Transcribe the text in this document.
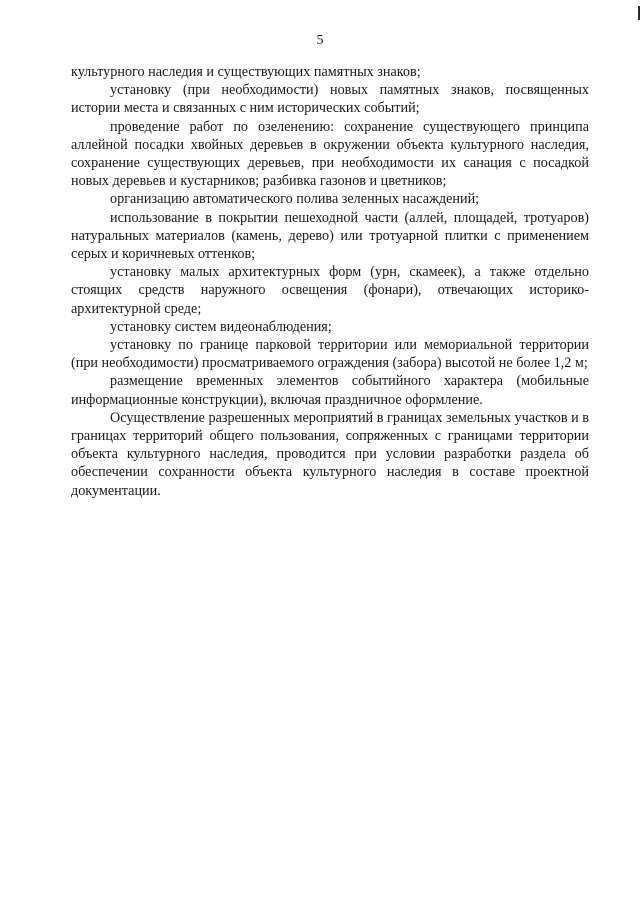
5

культурного наследия и существующих памятных знаков;

установку (при необходимости) новых памятных знаков, посвященных истории места и связанных с ним исторических событий;

проведение работ по озеленению: сохранение существующего принципа аллейной посадки хвойных деревьев в окружении объекта культурного наследия, сохранение существующих деревьев, при необходимости их санация с посадкой новых деревьев и кустарников; разбивка газонов и цветников;

организацию автоматического полива зеленных насаждений;

использование в покрытии пешеходной части (аллей, площадей, тротуаров) натуральных материалов (камень, дерево) или тротуарной плитки с применением серых и коричневых оттенков;

установку малых архитектурных форм (урн, скамеек), а также отдельно стоящих средств наружного освещения (фонари), отвечающих историко-архитектурной среде;

установку систем видеонаблюдения;

установку по границе парковой территории или мемориальной территории (при необходимости) просматриваемого ограждения (забора) высотой не более 1,2 м;

размещение временных элементов событийного характера (мобильные информационные конструкции), включая праздничное оформление.

Осуществление разрешенных мероприятий в границах земельных участков и в границах территорий общего пользования, сопряженных с границами территории объекта культурного наследия, проводится при условии разработки раздела об обеспечении сохранности объекта культурного наследия в составе проектной документации.
